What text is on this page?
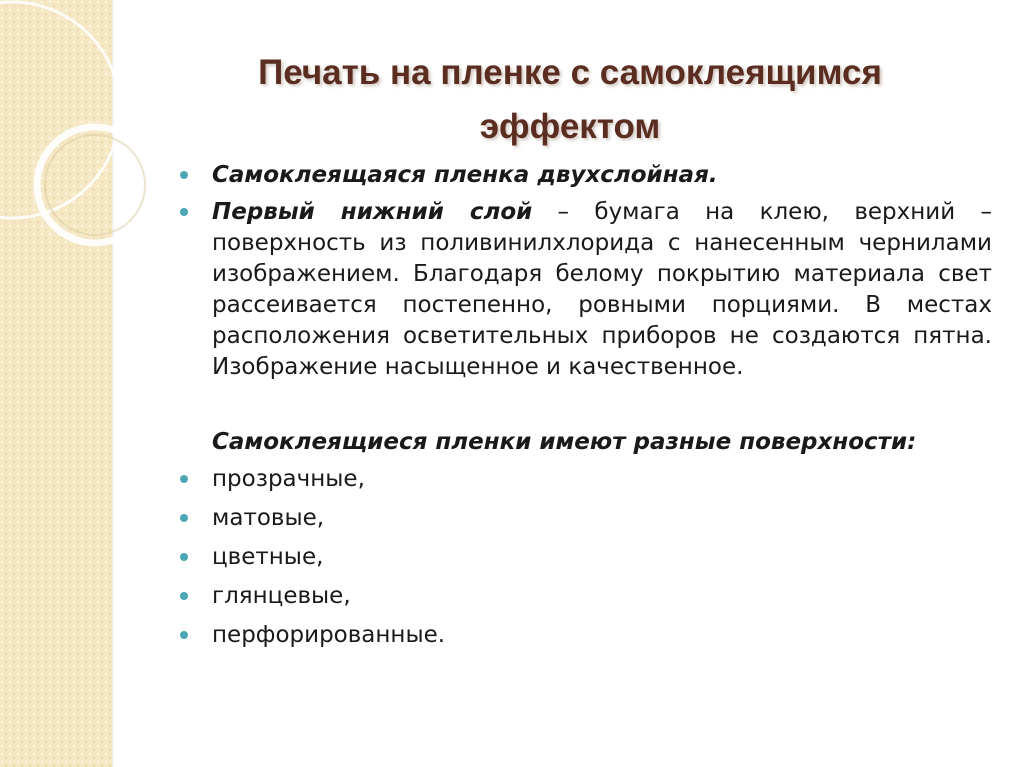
Печать на пленке с самоклеящимся
эффектом

Самоклеящаяся пленка двухслойная.

Первый нижний слой – бумага на клею, верхний – поверхность из поливинилхлорида с нанесенным чернилами изображением. Благодаря белому покрытию материала свет рассеивается постепенно, ровными порциями. В местах расположения осветительных приборов не создаются пятна. Изображение насыщенное и качественное.

Самоклеящиеся пленки имеют разные поверхности:

прозрачные,

матовые,

цветные,

глянцевые,

перфорированные.
